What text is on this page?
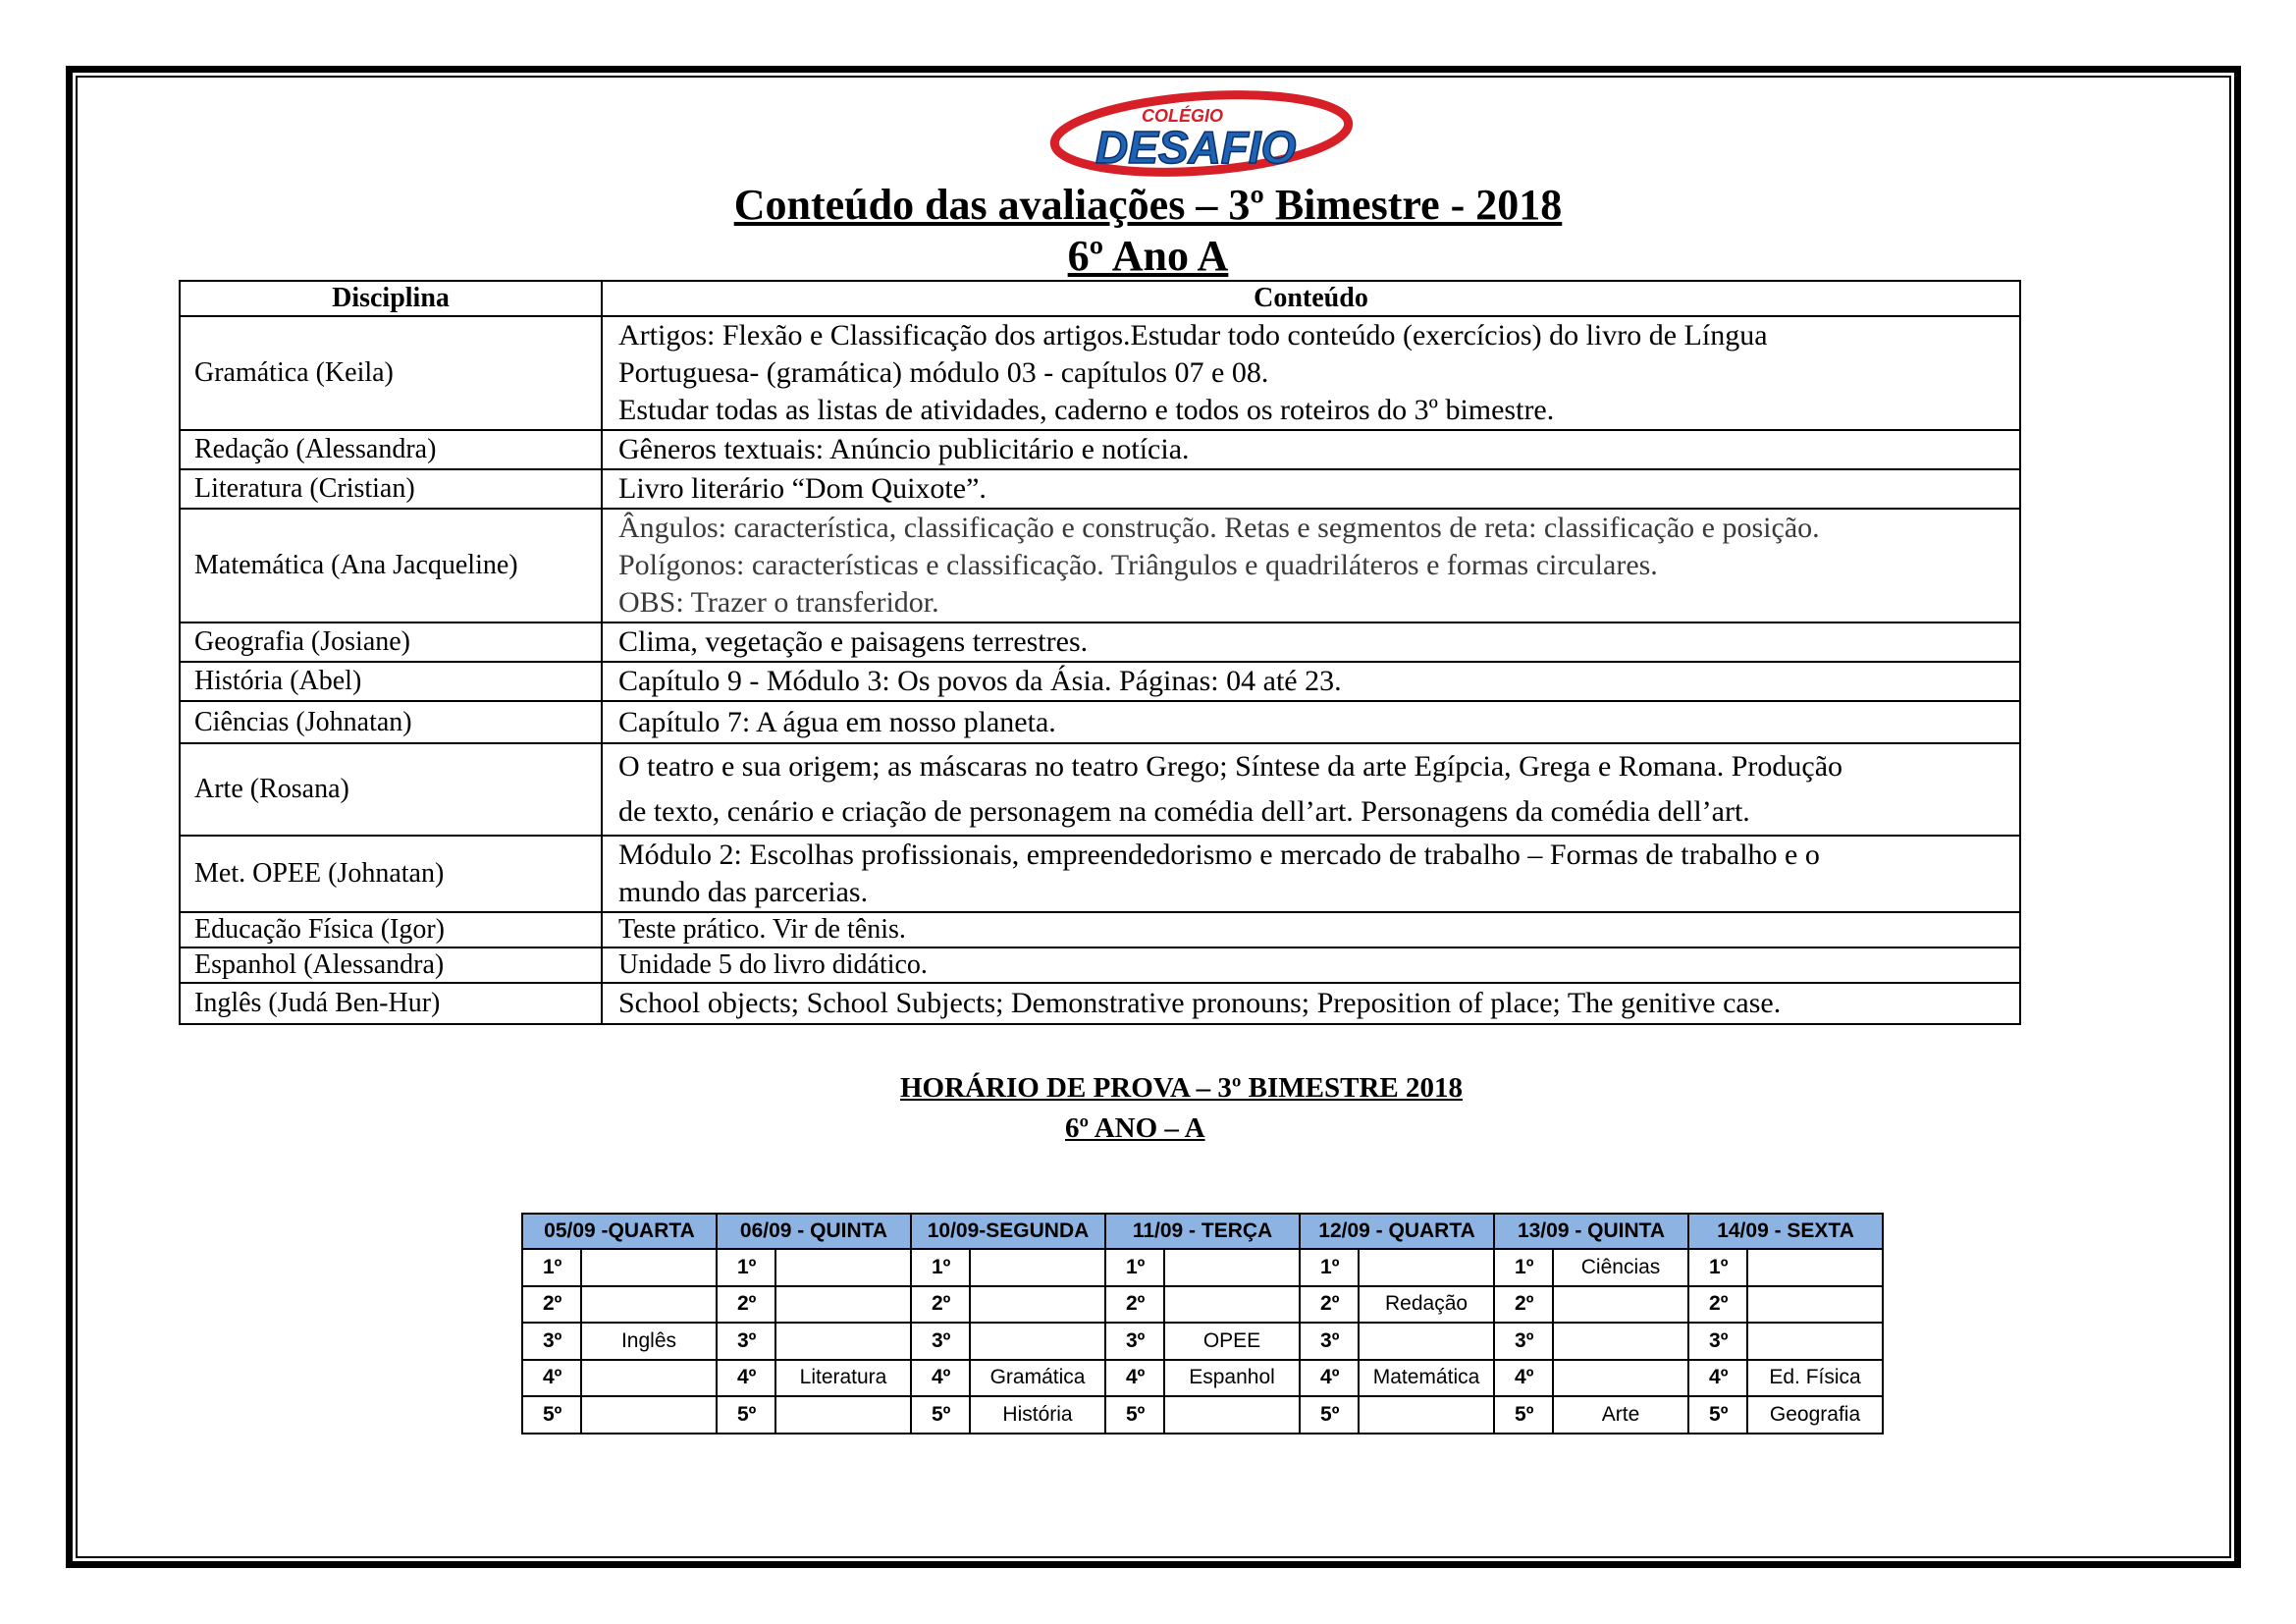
COLÉGIO
DESAFIO
Conteúdo das avaliações – 3º Bimestre - 2018
6º Ano A
Disciplina	Conteúdo
Gramática (Keila)	Artigos: Flexão e Classificação dos artigos.Estudar todo conteúdo (exercícios) do livro de Língua
Portuguesa- (gramática) módulo 03 - capítulos 07 e 08.
Estudar todas as listas de atividades, caderno e todos os roteiros do 3º bimestre.

Redação (Alessandra)	Gêneros textuais: Anúncio publicitário e notícia.

Literatura (Cristian)	Livro literário “Dom Quixote”.

Matemática (Ana Jacqueline)	Ângulos: característica, classificação e construção. Retas e segmentos de reta: classificação e posição.
Polígonos: características e classificação. Triângulos e quadriláteros e formas circulares.
OBS: Trazer o transferidor.

Geografia (Josiane)	Clima, vegetação e paisagens terrestres.

História (Abel)	Capítulo 9 - Módulo 3: Os povos da Ásia. Páginas: 04 até 23.

Ciências (Johnatan)	Capítulo 7: A água em nosso planeta.

Arte (Rosana)	O teatro e sua origem; as máscaras no teatro Grego; Síntese da arte Egípcia, Grega e Romana. Produção
de texto, cenário e criação de personagem na comédia dell’art. Personagens da comédia dell’art.

Met. OPEE (Johnatan)	Módulo 2: Escolhas profissionais, empreendedorismo e mercado de trabalho – Formas de trabalho e o
mundo das parcerias.

Educação Física (Igor)	Teste prático. Vir de tênis.

Espanhol (Alessandra)	Unidade 5 do livro didático.

Inglês (Judá Ben-Hur)	School objects; School Subjects; Demonstrative pronouns; Preposition of place; The genitive case.
HORÁRIO DE PROVA – 3º BIMESTRE 2018
6º ANO – A
05/09 -QUARTA		06/09 - QUINTA		10/09-SEGUNDA		11/09 - TERÇA		12/09 - QUARTA		13/09 - QUINTA		14/09 - SEXTA	
1º		1º		1º		1º		1º		1º	Ciências	1º	
2º		2º		2º		2º		2º	Redação	2º		2º	
3º	Inglês	3º		3º		3º	OPEE	3º		3º		3º	
4º		4º	Literatura	4º	Gramática	4º	Espanhol	4º	Matemática	4º		4º	Ed. Física
5º		5º		5º	História	5º		5º		5º	Arte	5º	Geografia
